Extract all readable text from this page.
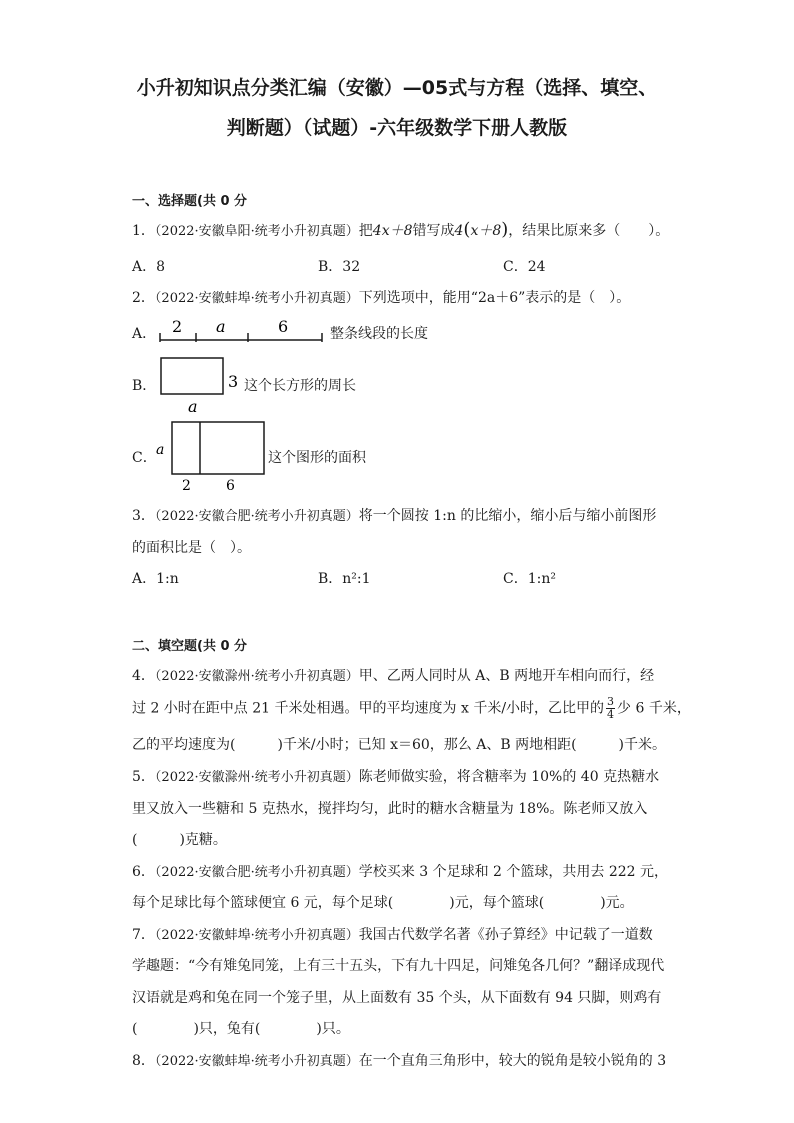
小升初知识点分类汇编（安徽）—05式与方程（选择、填空、
判断题）（试题）-六年级数学下册人教版
一、选择题(共 0 分
1．（2022·安徽阜阳·统考小升初真题）把4x＋8错写成4(x＋8)，结果比原来多（　　）。
A．8	B．32	C．24
2．（2022·安徽蚌埠·统考小升初真题）下列选项中，能用“2a＋6”表示的是（　）。
A． 2 a	6	整条线段的长度
B．	3
a
这个长方形的周长
C． a
2	6
这个图形的面积
3．（2022·安徽合肥·统考小升初真题）将一个圆按 1:n 的比缩小，缩小后与缩小前图形
的面积比是（　）。
A．1:n	B．n²:1	C．1:n²
二、填空题(共 0 分
4．（2022·安徽滁州·统考小升初真题）甲、乙两人同时从 A、B 两地开车相向而行，经
过 2 小时在距中点 21 千米处相遇。甲的平均速度为 x 千米/小时，乙比甲的 $\frac{3}{4}$ 少 6 千米，
乙的平均速度为(　　　)千米/小时；已知 x＝60，那么 A、B 两地相距(　　　)千米。
5．（2022·安徽滁州·统考小升初真题）陈老师做实验，将含糖率为 10%的 40 克热糖水
里又放入一些糖和 5 克热水，搅拌均匀，此时的糖水含糖量为 18%。陈老师又放入
(　　　)克糖。
6．（2022·安徽合肥·统考小升初真题）学校买来 3 个足球和 2 个篮球，共用去 222 元，
每个足球比每个篮球便宜 6 元，每个足球(　　　　)元，每个篮球(　　　　)元。
7．（2022·安徽蚌埠·统考小升初真题）我国古代数学名著《孙子算经》中记载了一道数
学趣题：“今有雉兔同笼，上有三十五头，下有九十四足，问雉兔各几何？”翻译成现代
汉语就是鸡和兔在同一个笼子里，从上面数有 35 个头，从下面数有 94 只脚，则鸡有
(　　　　)只，兔有(　　　　)只。
8．（2022·安徽蚌埠·统考小升初真题）在一个直角三角形中，较大的锐角是较小锐角的 3
